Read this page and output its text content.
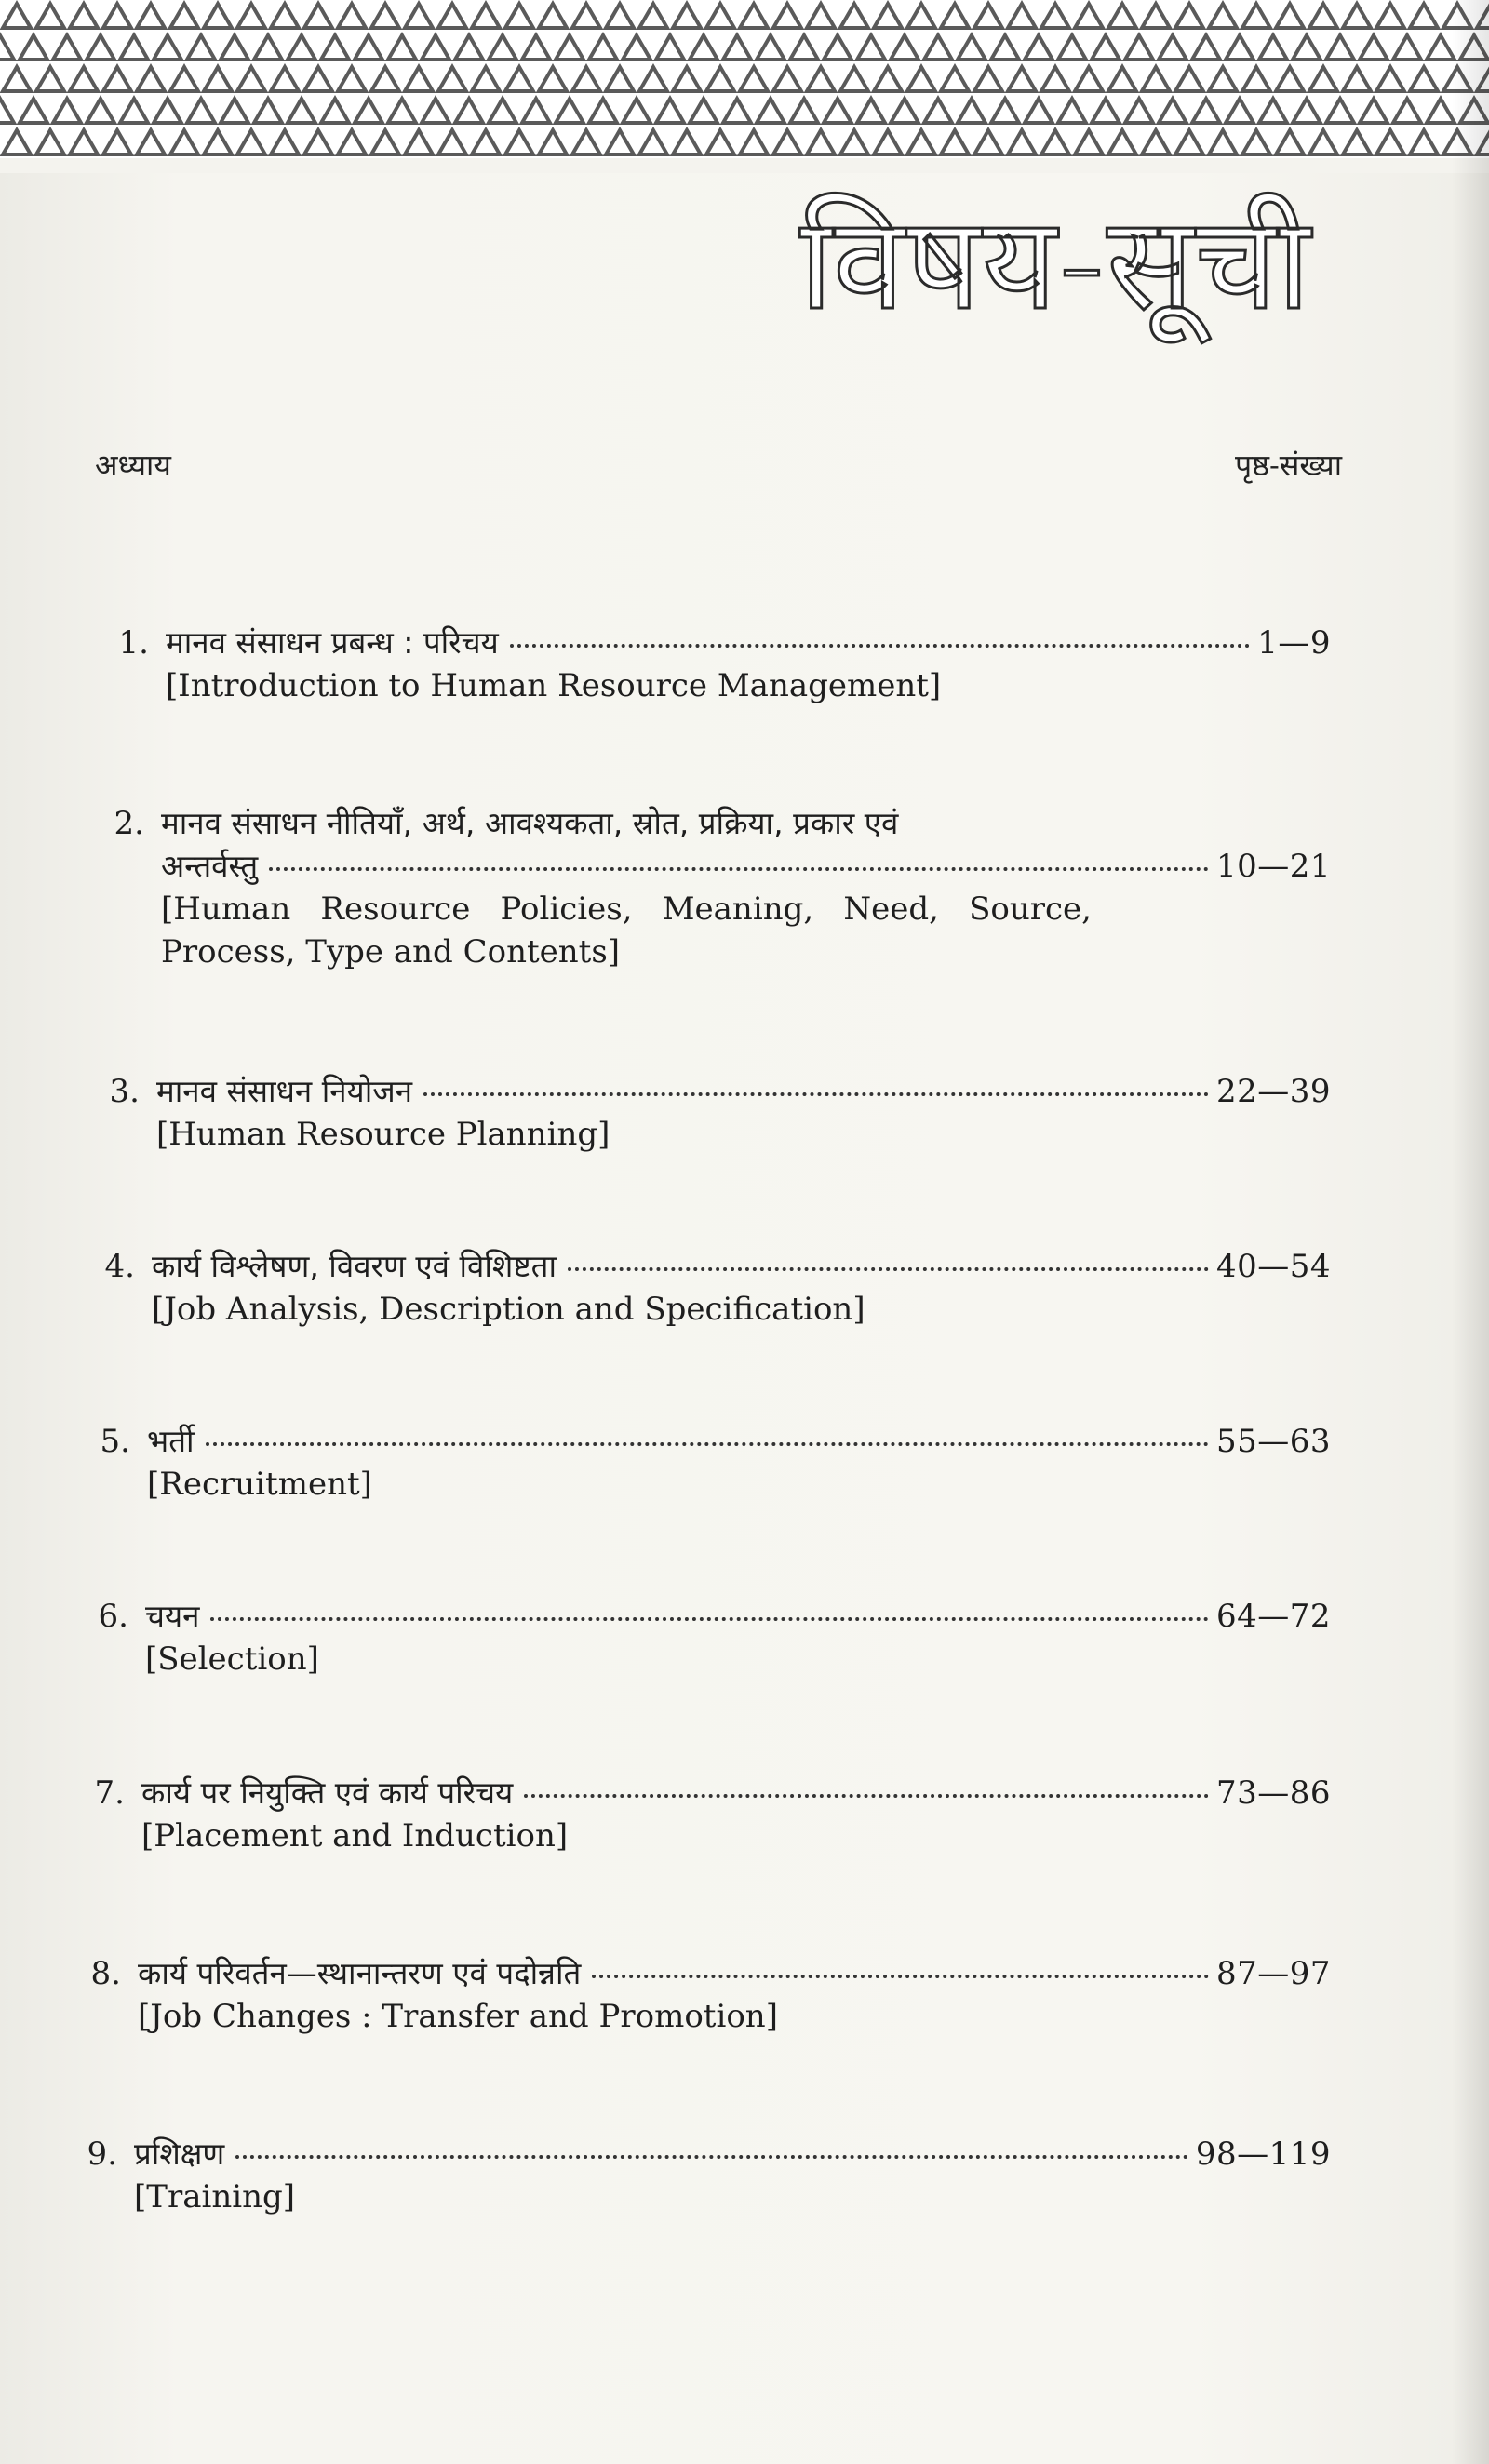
विषय-सूची
अध्याय	पृष्ठ-संख्या
1. मानव संसाधन प्रबन्ध : परिचय	1—9
[Introduction to Human Resource Management]
2. मानव संसाधन नीतियाँ, अर्थ, आवश्यकता, स्रोत, प्रक्रिया, प्रकार एवं
अन्तर्वस्तु	10—21
[Human Resource Policies, Meaning, Need, Source, Process, Type and Contents]
3. मानव संसाधन नियोजन	22—39
[Human Resource Planning]
4. कार्य विश्लेषण, विवरण एवं विशिष्टता	40—54
[Job Analysis, Description and Specification]
5. भर्ती	55—63
[Recruitment]
6. चयन	64—72
[Selection]
7. कार्य पर नियुक्ति एवं कार्य परिचय	73—86
[Placement and Induction]
8. कार्य परिवर्तन—स्थानान्तरण एवं पदोन्नति	87—97
[Job Changes : Transfer and Promotion]
9. प्रशिक्षण	98—119
[Training]
